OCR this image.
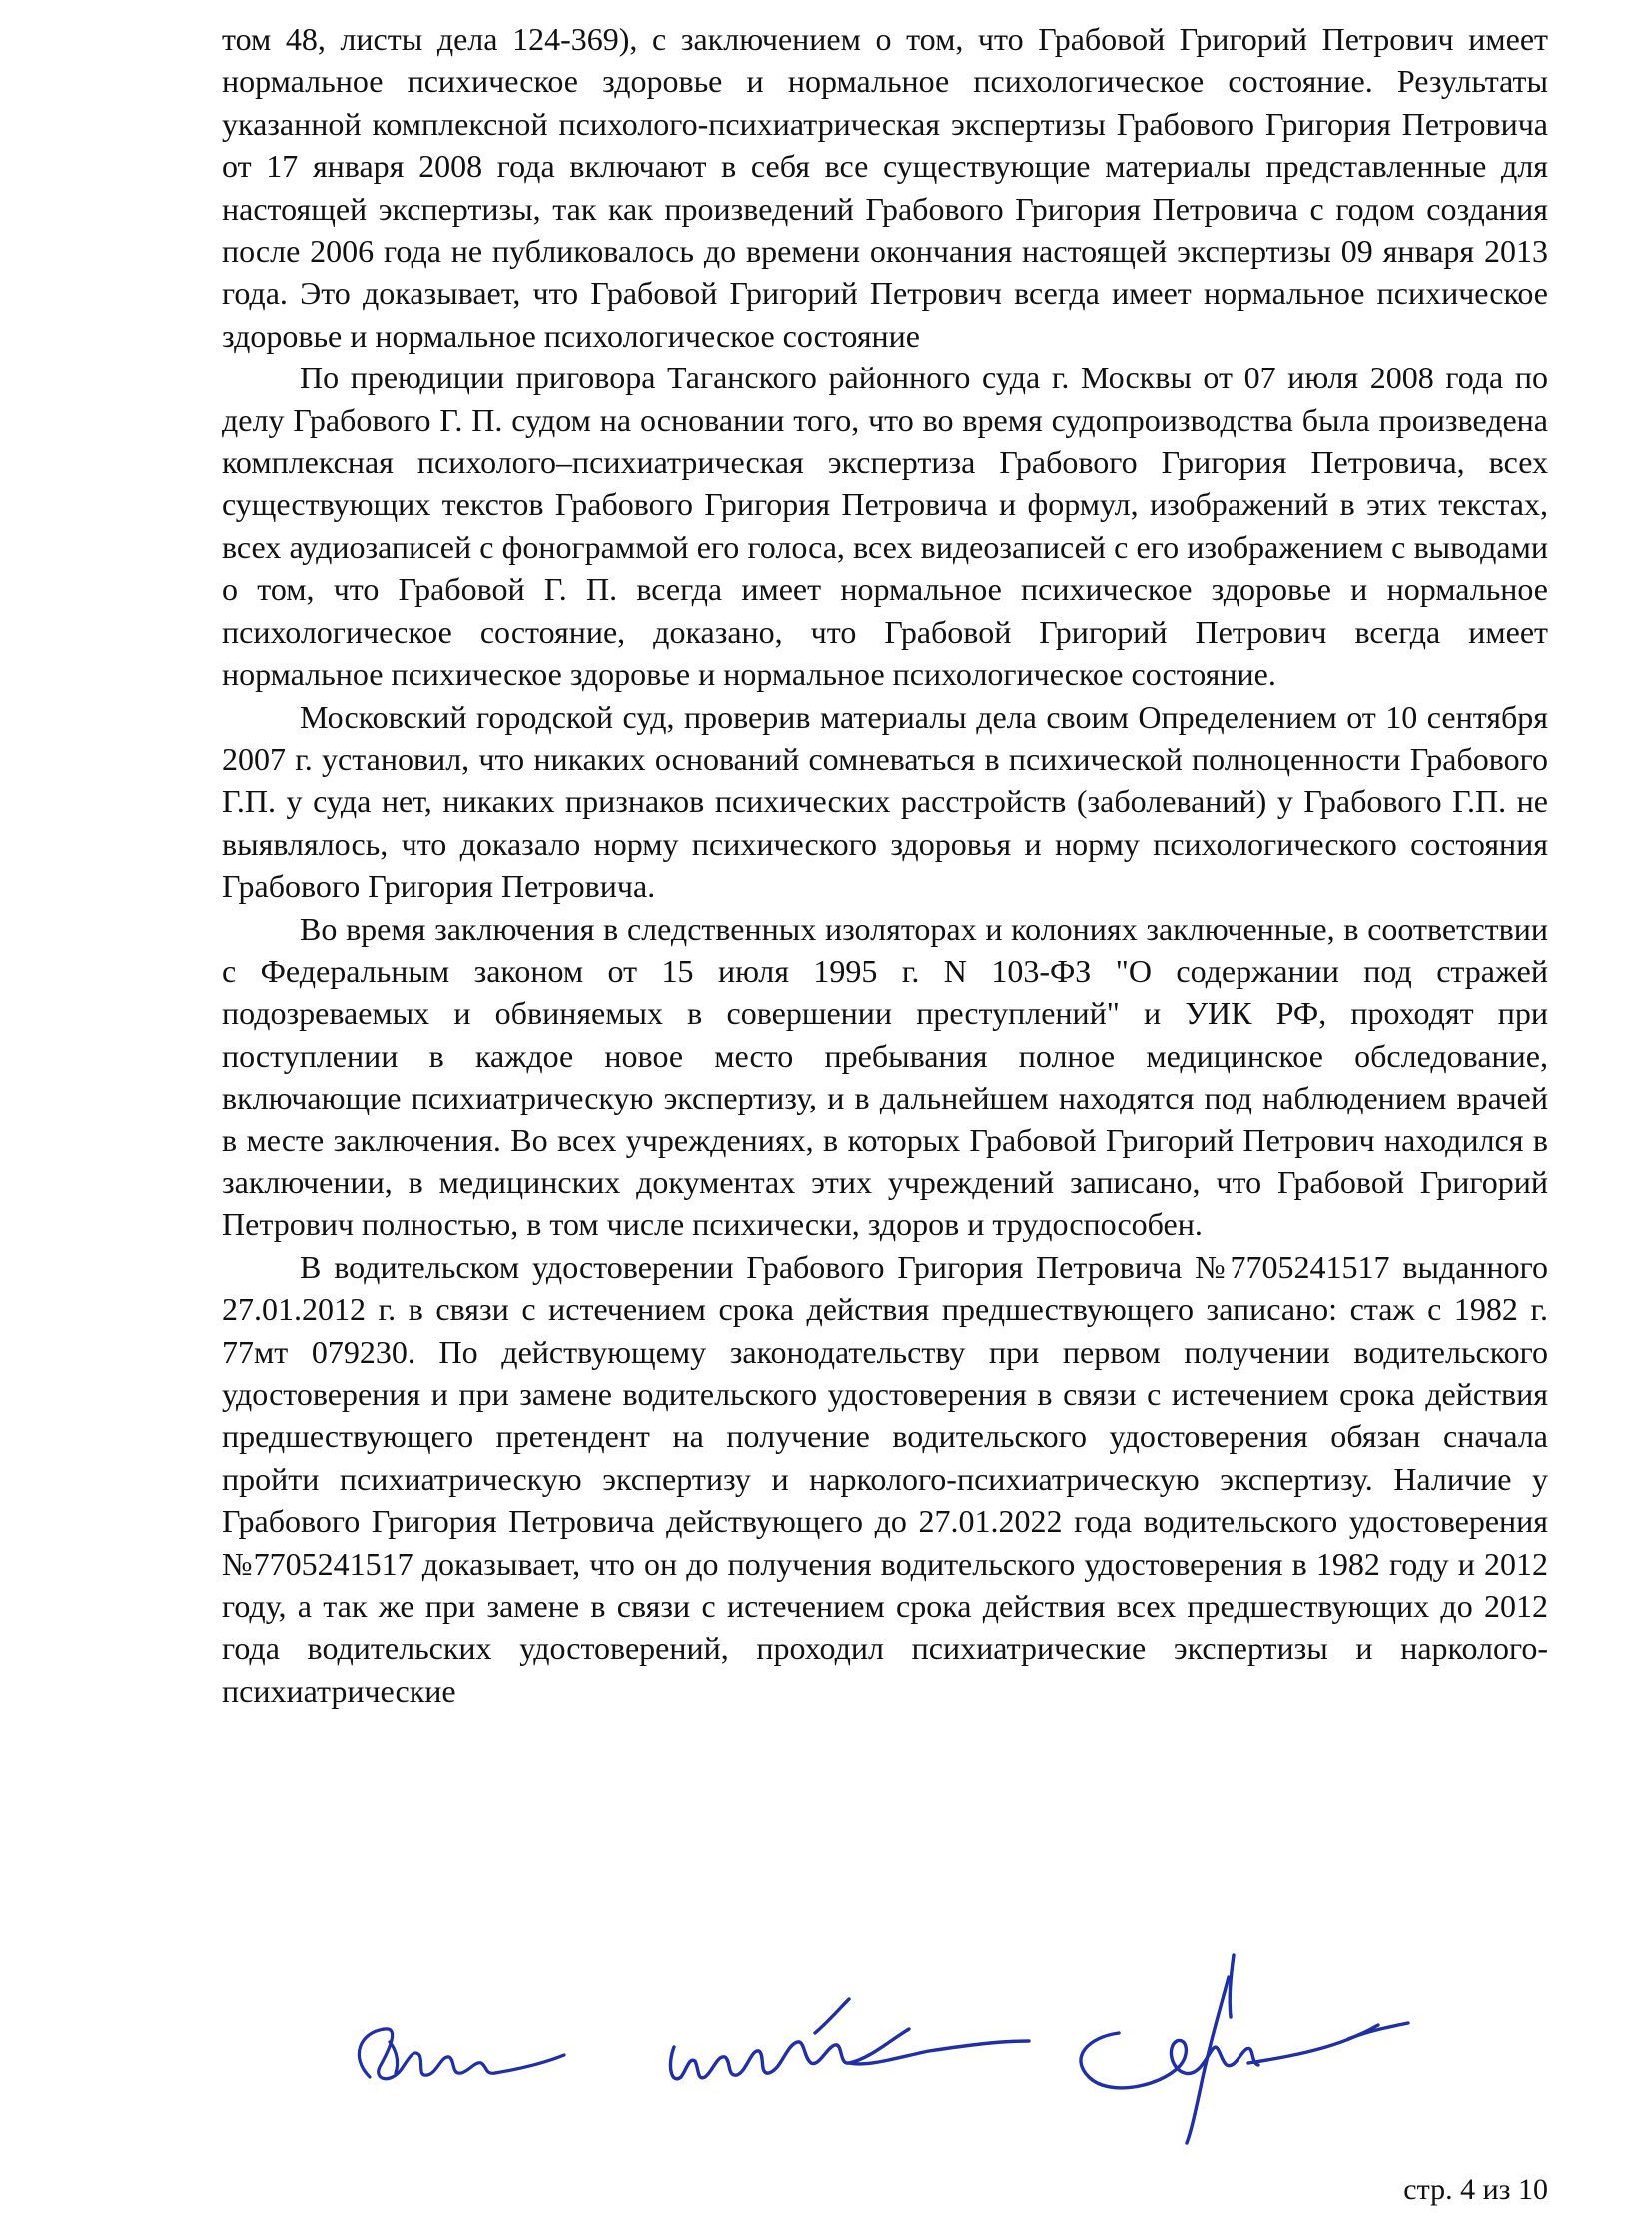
том 48, листы дела 124-369), с заключением о том, что Грабовой Григорий Петрович имеет нормальное психическое здоровье и нормальное психологическое состояние. Результаты указанной комплексной психолого-психиатрическая экспертизы Грабового Григория Петровича от 17 января 2008 года включают в себя все существующие материалы представленные для настоящей экспертизы, так как произведений Грабового Григория Петровича с годом создания после 2006 года не публиковалось до времени окончания настоящей экспертизы 09 января 2013 года. Это доказывает, что Грабовой Григорий Петрович всегда имеет нормальное психическое здоровье и нормальное психологическое состояние

По преюдиции приговора Таганского районного суда г. Москвы от 07 июля 2008 года по делу Грабового Г. П. судом на основании того, что во время судопроизводства была произведена комплексная психолого–психиатрическая экспертиза Грабового Григория Петровича, всех существующих текстов Грабового Григория Петровича и формул, изображений в этих текстах, всех аудиозаписей с фонограммой его голоса, всех видеозаписей с его изображением с выводами о том, что Грабовой Г. П. всегда имеет нормальное психическое здоровье и нормальное психологическое состояние, доказано, что Грабовой Григорий Петрович всегда имеет нормальное психическое здоровье и нормальное психологическое состояние.

Московский городской суд, проверив материалы дела своим Определением от 10 сентября 2007 г. установил, что никаких оснований сомневаться в психической полноценности Грабового Г.П. у суда нет, никаких признаков психических расстройств (заболеваний) у Грабового Г.П. не выявлялось, что доказало норму психического здоровья и норму психологического состояния Грабового Григория Петровича.

Во время заключения в следственных изоляторах и колониях заключенные, в соответствии с Федеральным законом от 15 июля 1995 г. N 103-ФЗ "О содержании под стражей подозреваемых и обвиняемых в совершении преступлений" и УИК РФ, проходят при поступлении в каждое новое место пребывания полное медицинское обследование, включающие психиатрическую экспертизу, и в дальнейшем находятся под наблюдением врачей в месте заключения. Во всех учреждениях, в которых Грабовой Григорий Петрович находился в заключении, в медицинских документах этих учреждений записано, что Грабовой Григорий Петрович полностью, в том числе психически, здоров и трудоспособен.

В водительском удостоверении Грабового Григория Петровича №7705241517 выданного 27.01.2012 г. в связи с истечением срока действия предшествующего записано: стаж с 1982 г. 77мт 079230. По действующему законодательству при первом получении водительского удостоверения и при замене водительского удостоверения в связи с истечением срока действия предшествующего претендент на получение водительского удостоверения обязан сначала пройти психиатрическую экспертизу и нарколого-психиатрическую экспертизу. Наличие у Грабового Григория Петровича действующего до 27.01.2022 года водительского удостоверения №7705241517 доказывает, что он до получения водительского удостоверения в 1982 году и 2012 году, а так же при замене в связи с истечением срока действия всех предшествующих до 2012 года водительских удостоверений, проходил психиатрические экспертизы и нарколого-психиатрические

стр. 4 из 10
